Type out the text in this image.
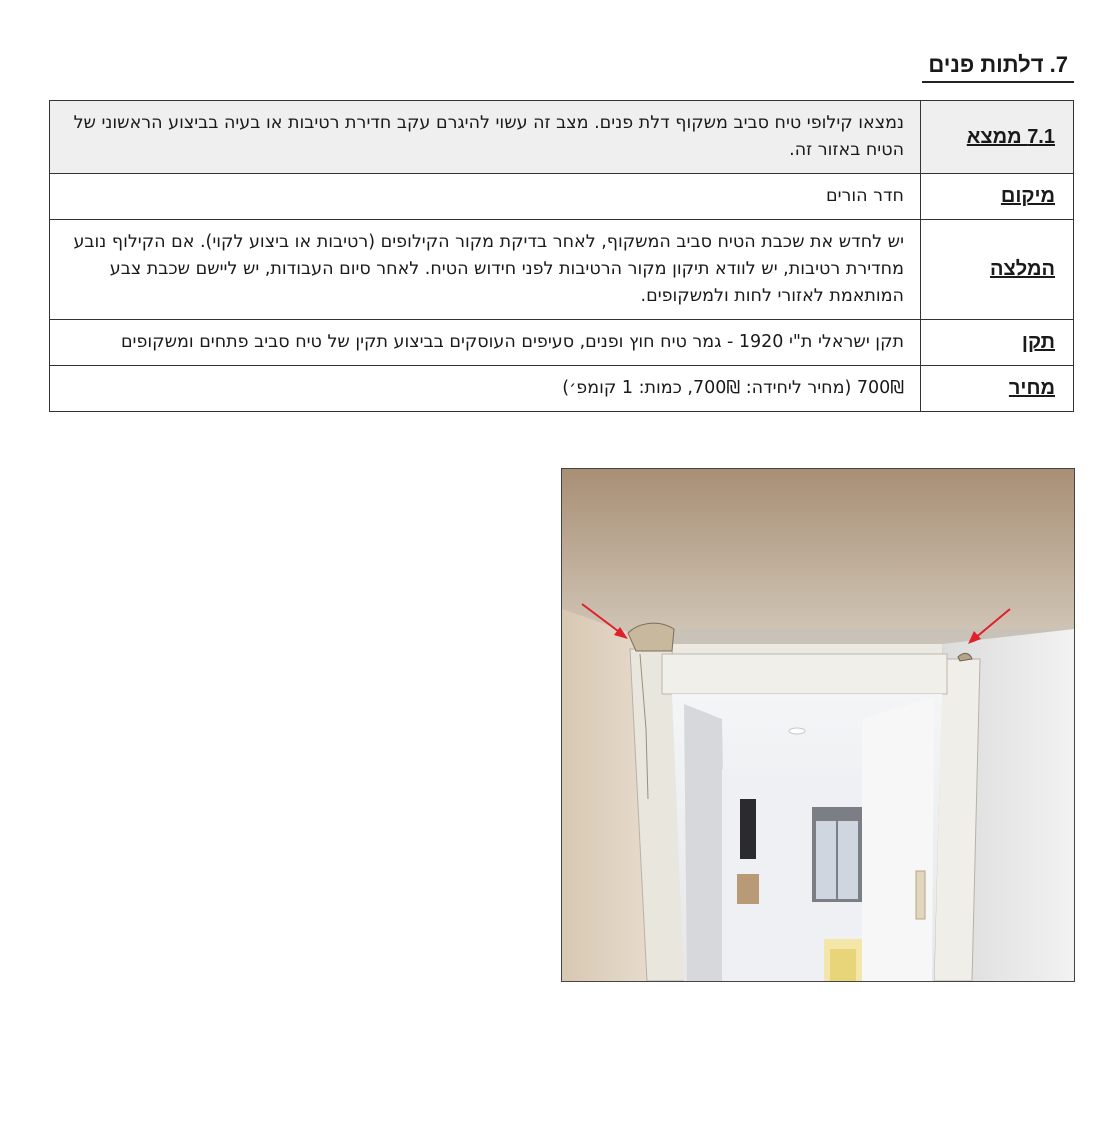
7. דלתות פנים
7.1 ממצא	נמצאו קילופי טיח סביב משקוף דלת פנים. מצב זה עשוי להיגרם עקב חדירת רטיבות או בעיה בביצוע הראשוני של הטיח באזור זה.
מיקום	חדר הורים
המלצה	יש לחדש את שכבת הטיח סביב המשקוף, לאחר בדיקת מקור הקילופים (רטיבות או ביצוע לקוי). אם הקילוף נובע מחדירת רטיבות, יש לוודא תיקון מקור הרטיבות לפני חידוש הטיח. לאחר סיום העבודות, יש ליישם שכבת צבע המותאמת לאזורי לחות ולמשקופים.
תקן	תקן ישראלי ת"י 1920 - גמר טיח חוץ ופנים, סעיפים העוסקים בביצוע תקין של טיח סביב פתחים ומשקופים
מחיר	700₪ (מחיר ליחידה: 700₪, כמות: 1 קומפ׳)
